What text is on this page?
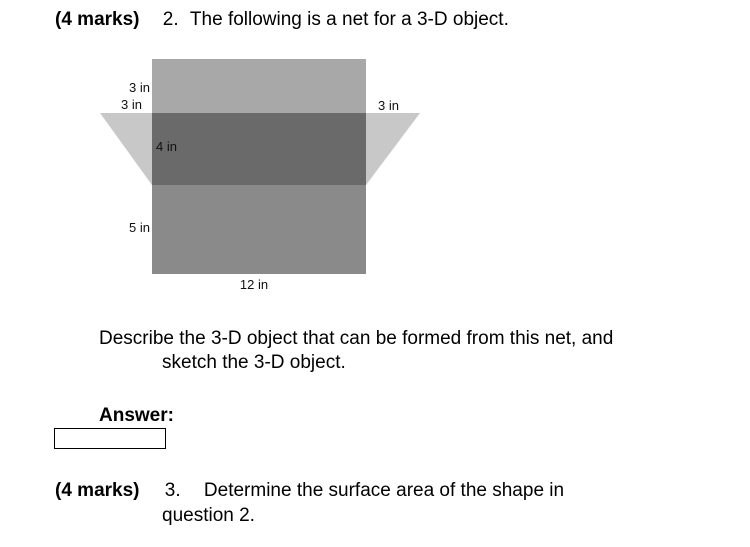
(4 marks) 2. The following is a net for a 3-D object.
3 in
3 in	3 in
4 in
5 in
12 in
Describe the 3-D object that can be formed from this net, and
sketch the 3-D object.
Answer:
(4 marks) 3. Determine the surface area of the shape in
question 2.
